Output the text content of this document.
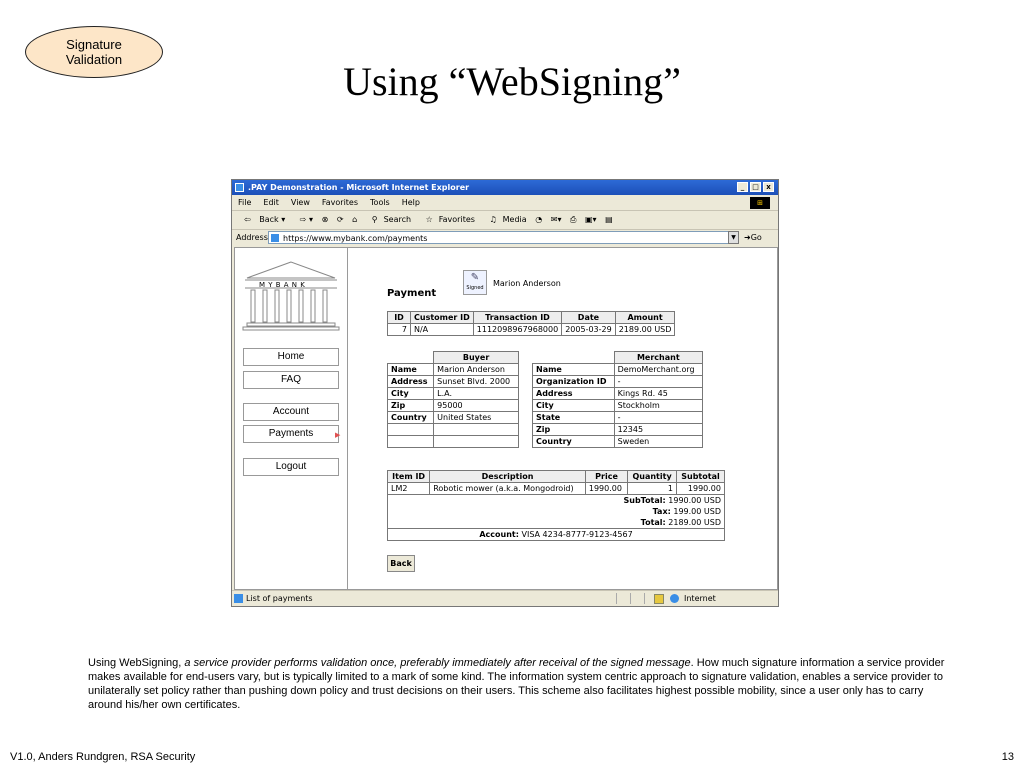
Signature Validation	Using “WebSigning”
.PAY Demonstration - Microsoft Internet Explorer	_	□	x
File Edit View Favorites Tools Help	⊞
⇦ Back ▾ ⇨ ▾ ⊗ ⟳ ⌂ ⚲ Search ☆ Favorites ♫ Media ◔ ✉▾ ⎙ ▣▾ ▤
Address	https://www.mybank.com/payments	▼	➜Go
M Y B A N K
Home
FAQ
Account
Payments	▶
Logout
Payment
✎
Signed	Marion Anderson
ID	Customer ID	Transaction ID	Date	Amount
7	N/A	1112098967968000	2005-03-29	2189.00 USD
	Buyer
Name	Marion Anderson
Address	Sunset Blvd. 2000
City	L.A.
Zip	95000
Country	United States

	Merchant
Name	DemoMerchant.org
Organization ID	-
Address	Kings Rd. 45
City	Stockholm
State	-
Zip	12345
Country	Sweden
Item ID	Description	Price	Quantity	Subtotal
LM2	Robotic mower (a.k.a. Mongodroid)	1990.00	1	1990.00

SubTotal: 1990.00 USD
Tax: 199.00 USD
Total: 2189.00 USD				

Account: VISA 4234-8777-9123-4567				
Back
List of payments	Internet
Using WebSigning, a service provider performs validation once, preferably immediately after receival of the signed message. How much signature information a service provider makes available for end-users vary, but is typically limited to a mark of some kind. The information system centric approach to signature validation, enables a service provider to unilaterally set policy rather than pushing down policy and trust decisions on their users. This scheme also facilitates highest possible mobility, since a user only has to carry around his/her own certificates.
V1.0, Anders Rundgren, RSA Security	13
